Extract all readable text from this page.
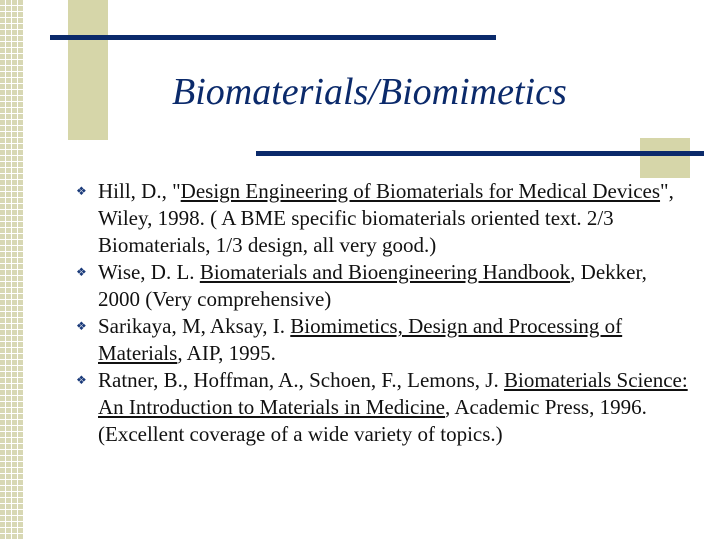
Biomaterials/Biomimetics
❖ Hill, D., "Design Engineering of Biomaterials for Medical Devices", Wiley, 1998. ( A BME specific biomaterials oriented text. 2/3 Biomaterials, 1/3 design, all very good.)
❖ Wise, D. L. Biomaterials and Bioengineering Handbook, Dekker, 2000 (Very comprehensive)
❖ Sarikaya, M, Aksay, I. Biomimetics, Design and Processing of Materials, AIP, 1995.
❖ Ratner, B., Hoffman, A., Schoen, F., Lemons, J. Biomaterials Science: An Introduction to Materials in Medicine, Academic Press, 1996. (Excellent coverage of a wide variety of topics.)
